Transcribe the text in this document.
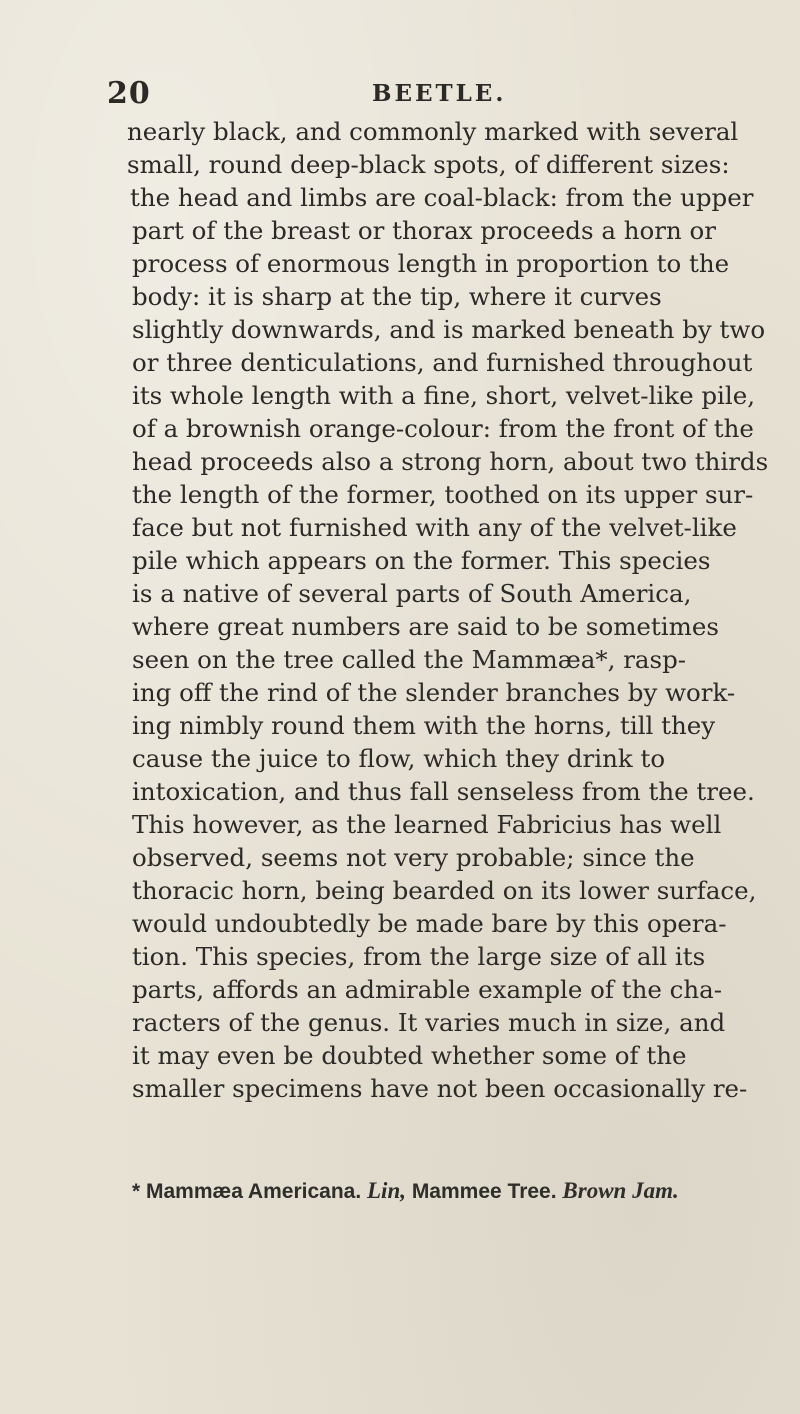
20	BEETLE.
nearly black, and commonly marked with several
small, round deep-black spots, of different sizes:
the head and limbs are coal-black: from the upper
part of the breast or thorax proceeds a horn or
process of enormous length in proportion to the
body: it is sharp at the tip, where it curves
slightly downwards, and is marked beneath by two
or three denticulations, and furnished throughout
its whole length with a fine, short, velvet-like pile,
of a brownish orange-colour: from the front of the
head proceeds also a strong horn, about two thirds
the length of the former, toothed on its upper sur-
face but not furnished with any of the velvet-like
pile which appears on the former. This species
is a native of several parts of South America,
where great numbers are said to be sometimes
seen on the tree called the Mammæa*, rasp-
ing off the rind of the slender branches by work-
ing nimbly round them with the horns, till they
cause the juice to flow, which they drink to
intoxication, and thus fall senseless from the tree.
This however, as the learned Fabricius has well
observed, seems not very probable; since the
thoracic horn, being bearded on its lower surface,
would undoubtedly be made bare by this opera-
tion. This species, from the large size of all its
parts, affords an admirable example of the cha-
racters of the genus. It varies much in size, and
it may even be doubted whether some of the
smaller specimens have not been occasionally re-
* Mammæa Americana. Lin, Mammee Tree. Brown Jam.
